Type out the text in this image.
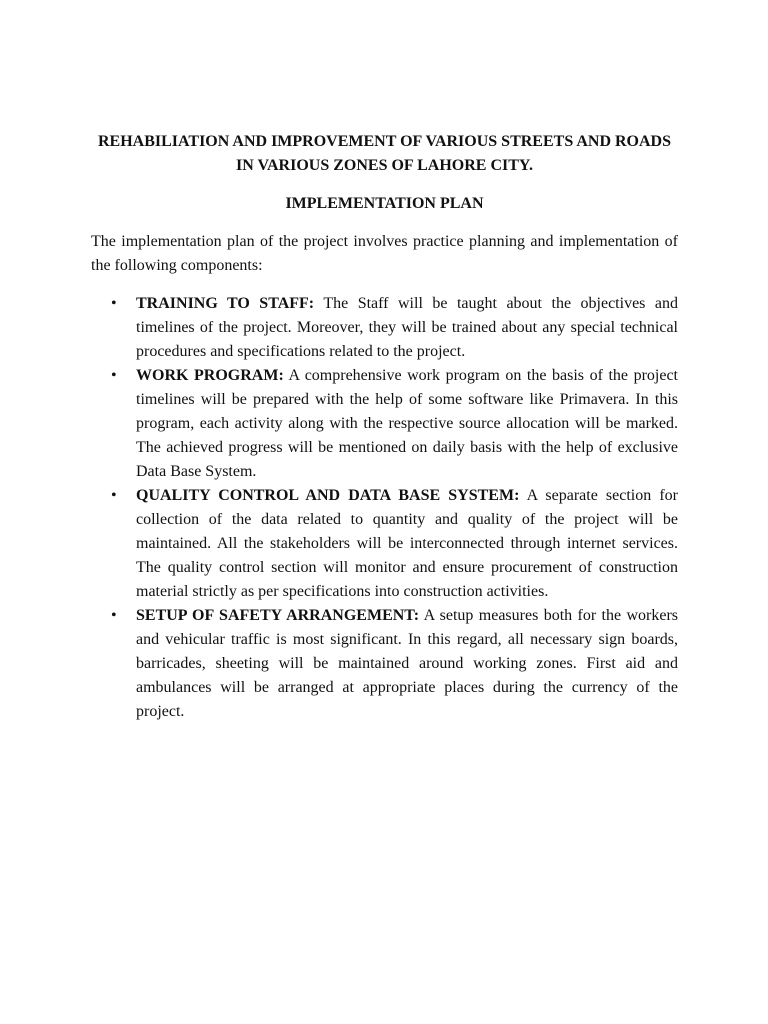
REHABILIATION AND IMPROVEMENT OF VARIOUS STREETS AND ROADS IN VARIOUS ZONES OF LAHORE CITY.

IMPLEMENTATION PLAN

The implementation plan of the project involves practice planning and implementation of the following components:

• TRAINING TO STAFF: The Staff will be taught about the objectives and timelines of the project. Moreover, they will be trained about any special technical procedures and specifications related to the project.
• WORK PROGRAM: A comprehensive work program on the basis of the project timelines will be prepared with the help of some software like Primavera. In this program, each activity along with the respective source allocation will be marked. The achieved progress will be mentioned on daily basis with the help of exclusive Data Base System.
• QUALITY CONTROL AND DATA BASE SYSTEM: A separate section for collection of the data related to quantity and quality of the project will be maintained. All the stakeholders will be interconnected through internet services. The quality control section will monitor and ensure procurement of construction material strictly as per specifications into construction activities.
• SETUP OF SAFETY ARRANGEMENT: A setup measures both for the workers and vehicular traffic is most significant. In this regard, all necessary sign boards, barricades, sheeting will be maintained around working zones. First aid and ambulances will be arranged at appropriate places during the currency of the project.
